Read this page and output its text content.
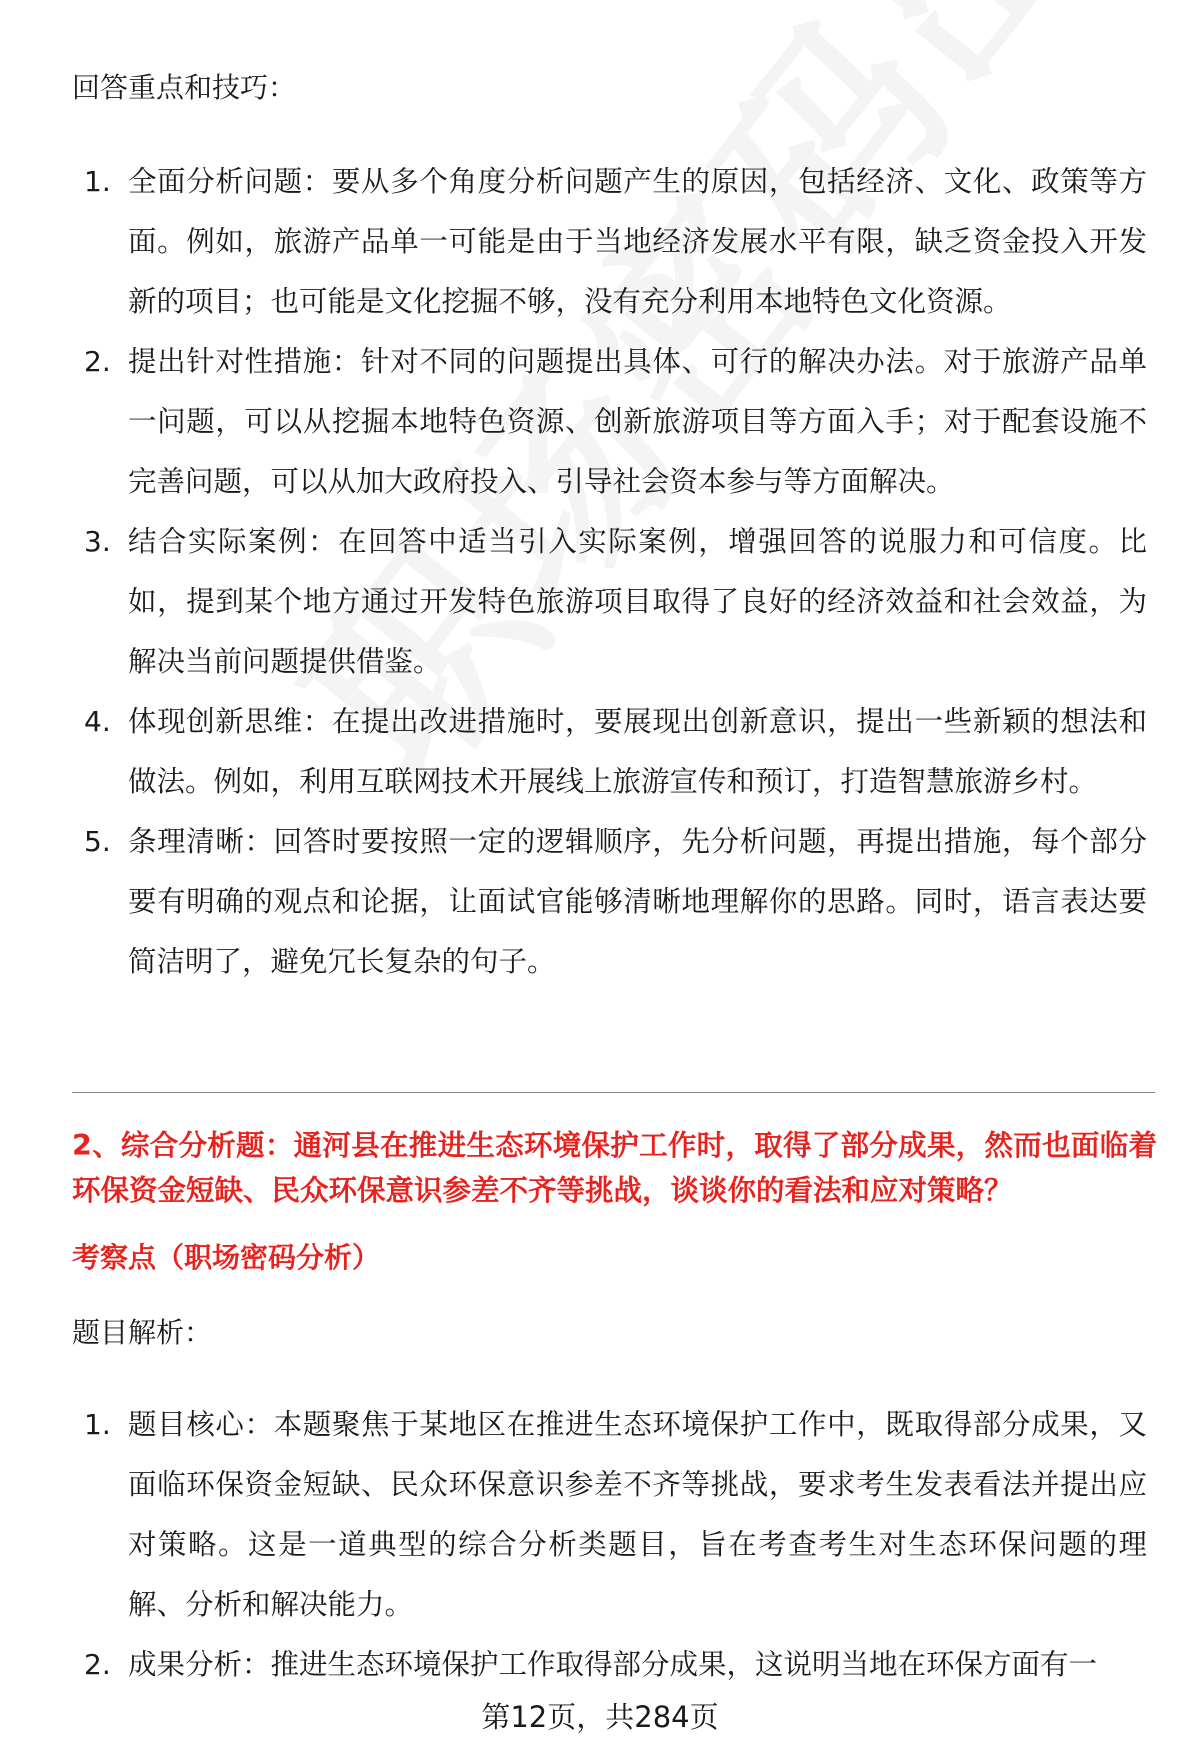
回答重点和技巧：
1. 全面分析问题：要从多个角度分析问题产生的原因，包括经济、文化、政策等方面。例如，旅游产品单一可能是由于当地经济发展水平有限，缺乏资金投入开发新的项目；也可能是文化挖掘不够，没有充分利用本地特色文化资源。
2. 提出针对性措施：针对不同的问题提出具体、可行的解决办法。对于旅游产品单一问题，可以从挖掘本地特色资源、创新旅游项目等方面入手；对于配套设施不完善问题，可以从加大政府投入、引导社会资本参与等方面解决。
3. 结合实际案例：在回答中适当引入实际案例，增强回答的说服力和可信度。比如，提到某个地方通过开发特色旅游项目取得了良好的经济效益和社会效益，为解决当前问题提供借鉴。
4. 体现创新思维：在提出改进措施时，要展现出创新意识，提出一些新颖的想法和做法。例如，利用互联网技术开展线上旅游宣传和预订，打造智慧旅游乡村。
5. 条理清晰：回答时要按照一定的逻辑顺序，先分析问题，再提出措施，每个部分要有明确的观点和论据，让面试官能够清晰地理解你的思路。同时，语言表达要简洁明了，避免冗长复杂的句子。
2、综合分析题：通河县在推进生态环境保护工作时，取得了部分成果，然而也面临着环保资金短缺、民众环保意识参差不齐等挑战，谈谈你的看法和应对策略？
考察点（职场密码分析）
题目解析：
1. 题目核心：本题聚焦于某地区在推进生态环境保护工作中，既取得部分成果，又面临环保资金短缺、民众环保意识参差不齐等挑战，要求考生发表看法并提出应对策略。这是一道典型的综合分析类题目，旨在考查考生对生态环保问题的理解、分析和解决能力。
2. 成果分析：推进生态环境保护工作取得部分成果，这说明当地在环保方面有一
第12页，共284页
